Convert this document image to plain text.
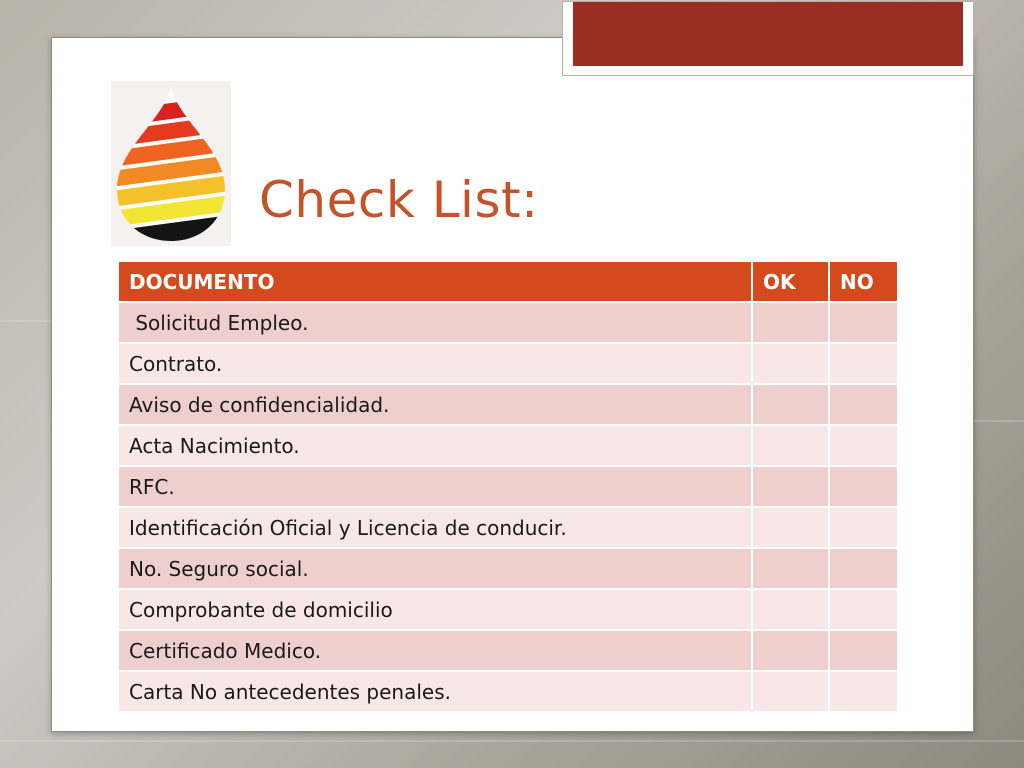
Check List:
DOCUMENTO	OK	NO
Solicitud Empleo.		
Contrato.		
Aviso de confidencialidad.		
Acta Nacimiento.		
RFC.		
Identificación Oficial y Licencia de conducir.		
No. Seguro social.		
Comprobante de domicilio		
Certificado Medico.		
Carta No antecedentes penales.		
